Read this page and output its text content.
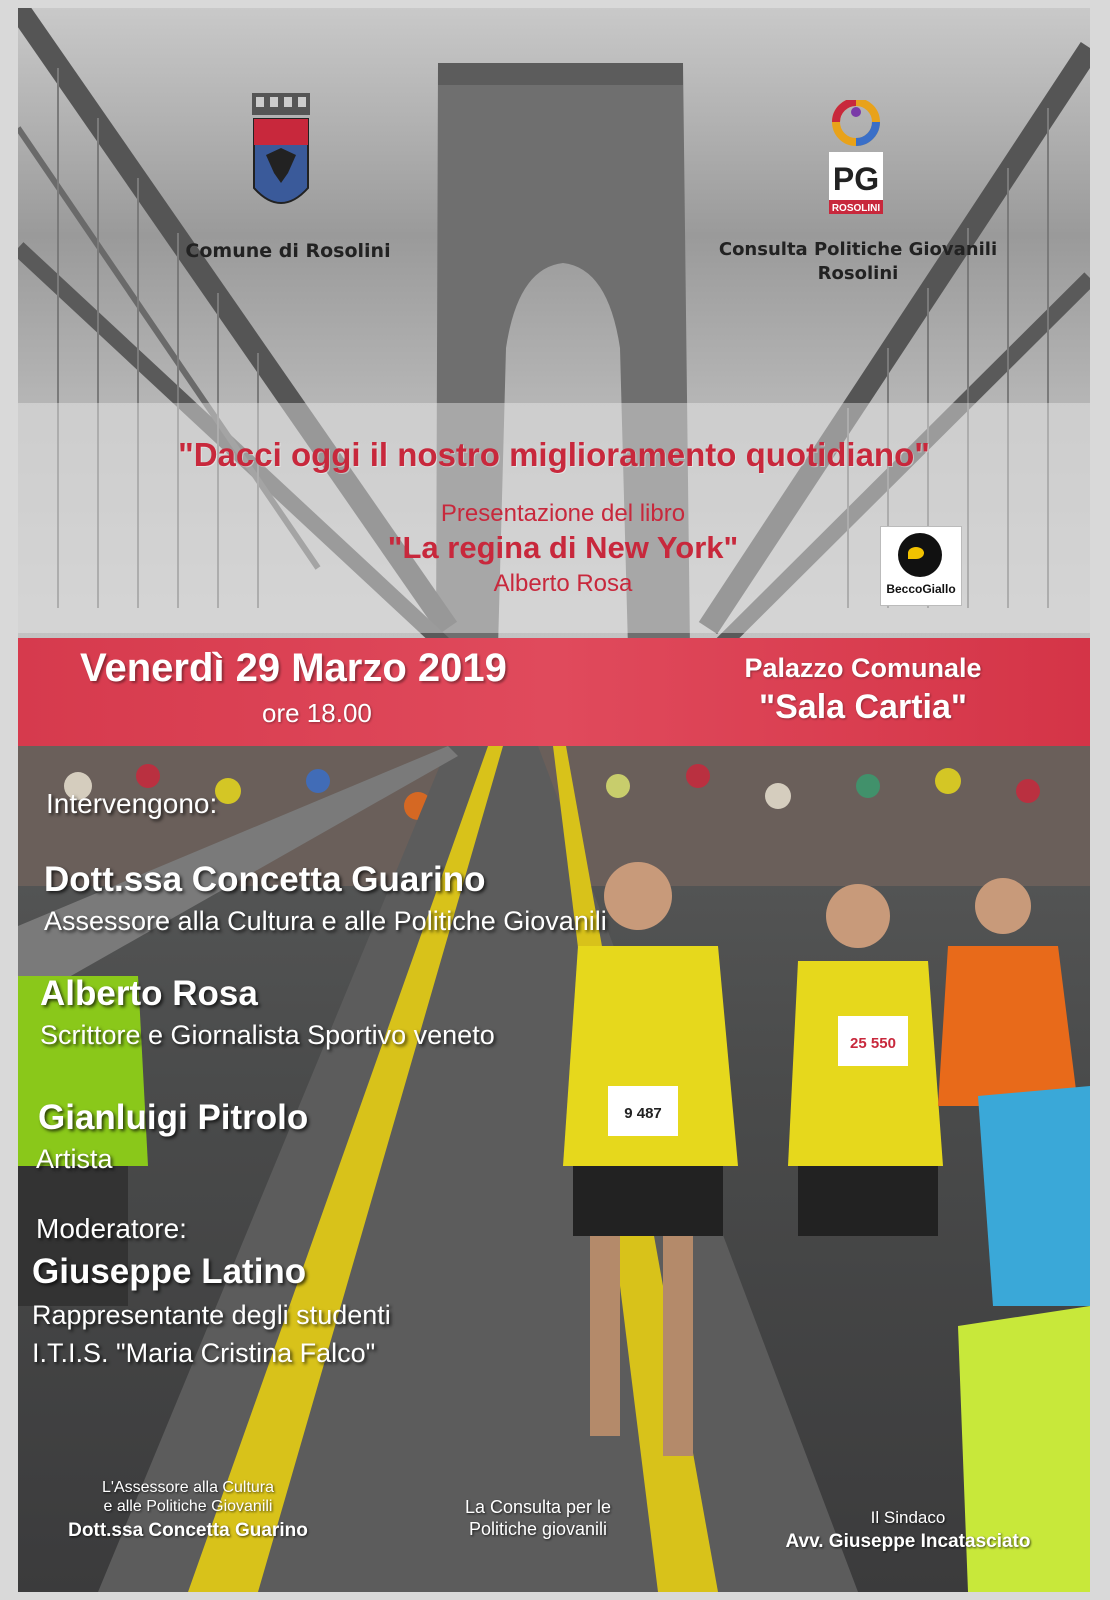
Comune di Rosolini
PG
ROSOLINI
Consulta Politiche Giovanili
Rosolini
"Dacci oggi il nostro miglioramento quotidiano"
Presentazione del libro
"La regina di New York"
Alberto Rosa	BeccoGiallo
Venerdì 29 Marzo 2019
ore 18.00
Palazzo Comunale
"Sala Cartia"
9 487
25 550
Intervengono:
Dott.ssa Concetta Guarino
Assessore alla Cultura e alle Politiche Giovanili
Alberto Rosa
Scrittore e Giornalista Sportivo veneto
Gianluigi Pitrolo
Artista
Moderatore:
Giuseppe Latino
Rappresentante degli studenti
I.T.I.S. "Maria Cristina Falco"
L'Assessore alla Cultura
e alle Politiche Giovanili
Dott.ssa Concetta Guarino
La Consulta per le
Politiche giovanili
Il Sindaco
Avv. Giuseppe Incatasciato
